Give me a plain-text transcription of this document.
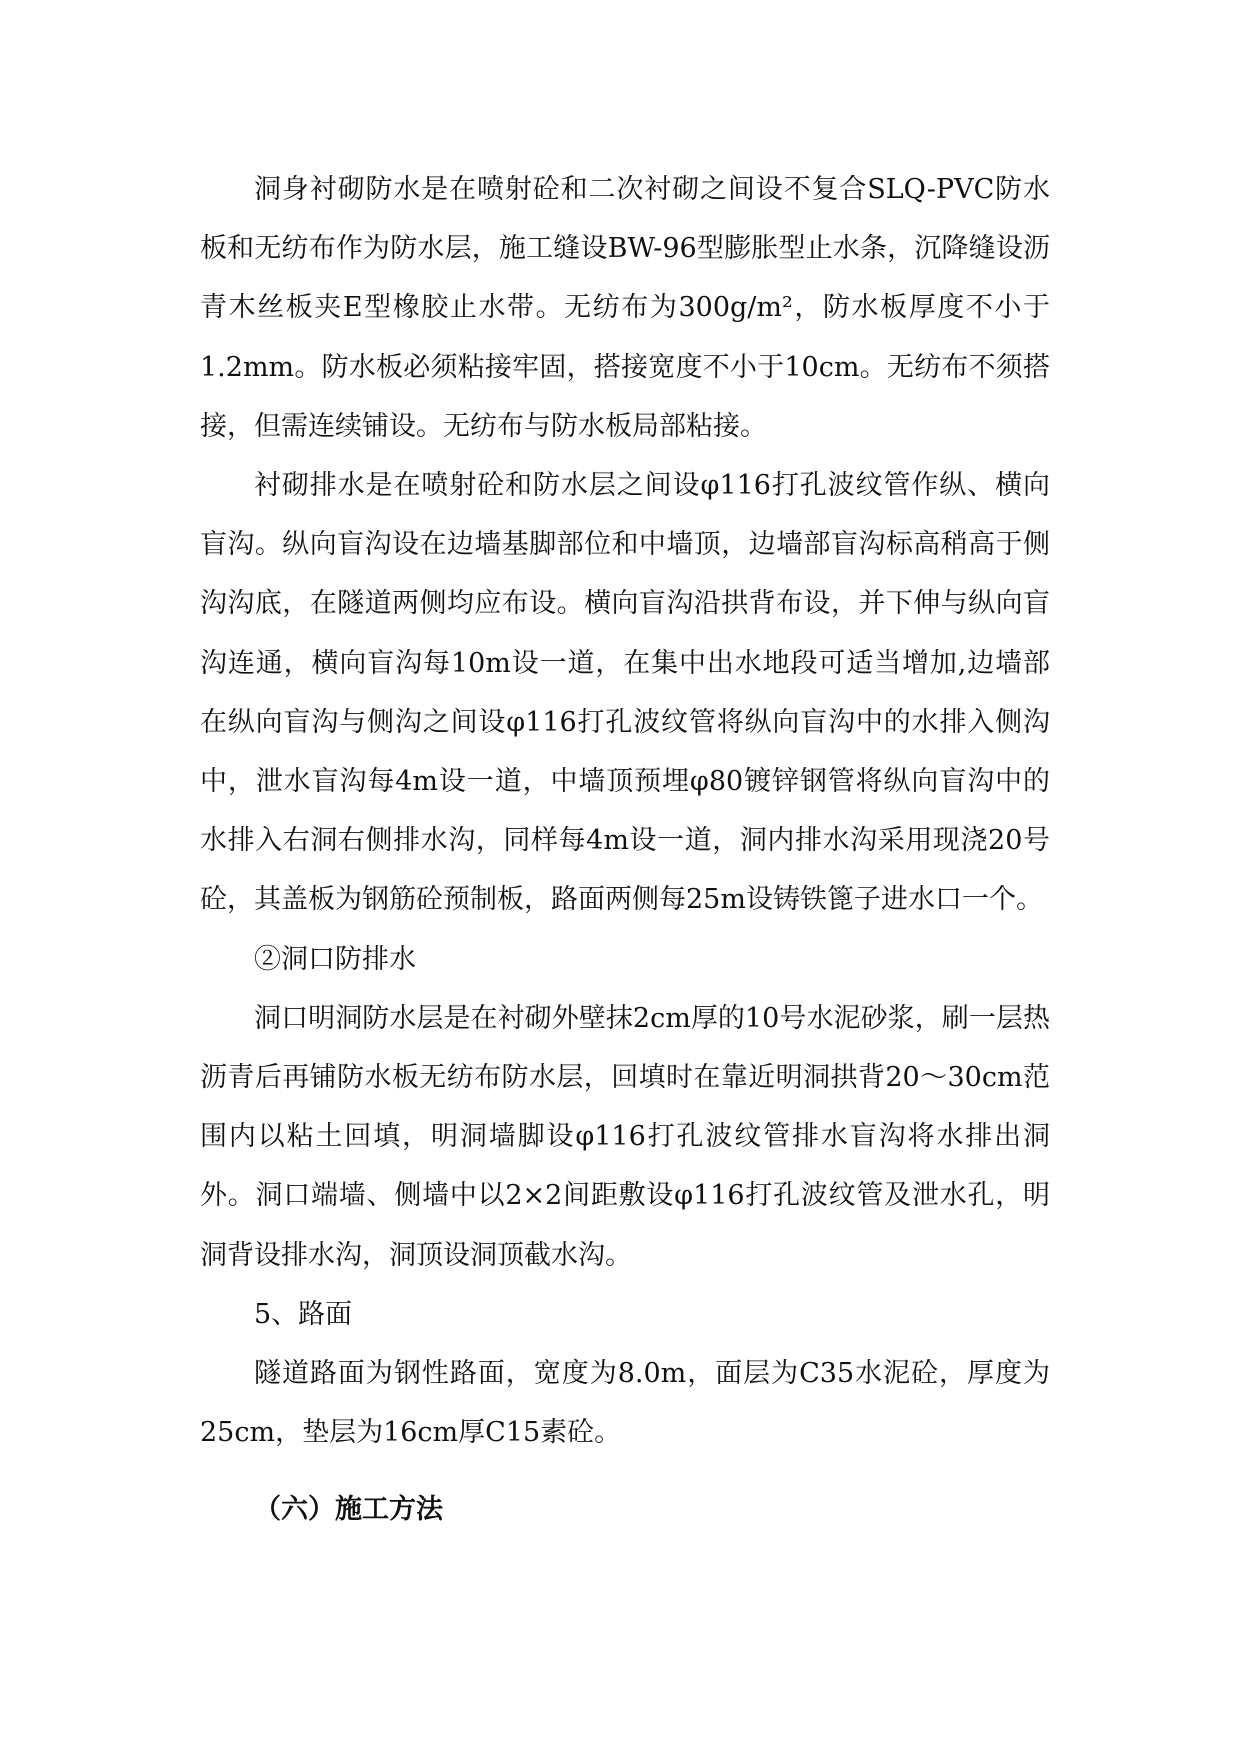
洞身衬砌防水是在喷射砼和二次衬砌之间设不复合SLQ-PVC防水板和无纺布作为防水层，施工缝设BW-96型膨胀型止水条，沉降缝设沥青木丝板夹E型橡胶止水带。无纺布为300g/m²，防水板厚度不小于1.2mm。防水板必须粘接牢固，搭接宽度不小于10cm。无纺布不须搭接，但需连续铺设。无纺布与防水板局部粘接。

衬砌排水是在喷射砼和防水层之间设φ116打孔波纹管作纵、横向盲沟。纵向盲沟设在边墙基脚部位和中墙顶，边墙部盲沟标高稍高于侧沟沟底，在隧道两侧均应布设。横向盲沟沿拱背布设，并下伸与纵向盲沟连通，横向盲沟每10m设一道，在集中出水地段可适当增加,边墙部在纵向盲沟与侧沟之间设φ116打孔波纹管将纵向盲沟中的水排入侧沟中，泄水盲沟每4m设一道，中墙顶预埋φ80镀锌钢管将纵向盲沟中的水排入右洞右侧排水沟，同样每4m设一道，洞内排水沟采用现浇20号砼，其盖板为钢筋砼预制板，路面两侧每25m设铸铁篦子进水口一个。

②洞口防排水

洞口明洞防水层是在衬砌外壁抹2cm厚的10号水泥砂浆，刷一层热沥青后再铺防水板无纺布防水层，回填时在靠近明洞拱背20～30cm范围内以粘土回填，明洞墙脚设φ116打孔波纹管排水盲沟将水排出洞外。洞口端墙、侧墙中以2×2间距敷设φ116打孔波纹管及泄水孔，明洞背设排水沟，洞顶设洞顶截水沟。

5、路面

隧道路面为钢性路面，宽度为8.0m，面层为C35水泥砼，厚度为25cm，垫层为16cm厚C15素砼。

（六）施工方法
